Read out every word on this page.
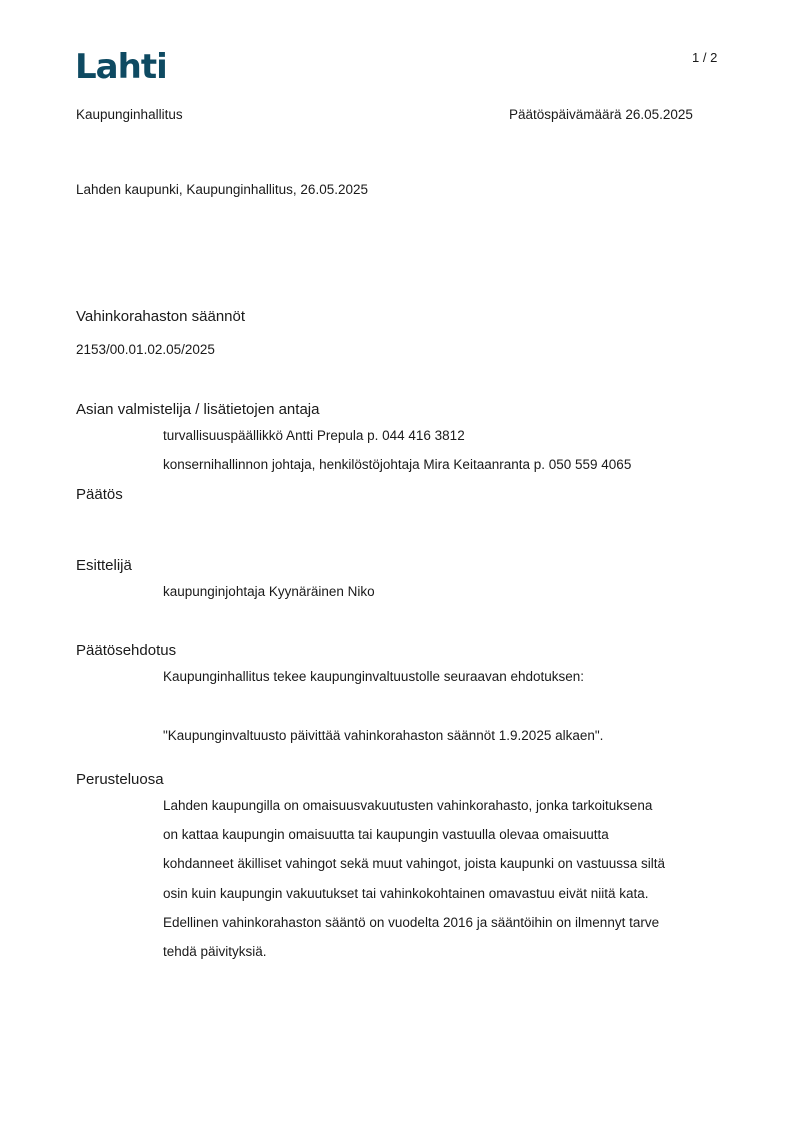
Lahti	1 / 2
Kaupunginhallitus	Päätöspäivämäärä 26.05.2025
Lahden kaupunki, Kaupunginhallitus, 26.05.2025
Vahinkorahaston säännöt
2153/00.01.02.05/2025
Asian valmistelija / lisätietojen antaja
turvallisuuspäällikkö Antti Prepula p. 044 416 3812
konsernihallinnon johtaja, henkilöstöjohtaja Mira Keitaanranta p. 050 559 4065
Päätös
Esittelijä
kaupunginjohtaja Kyynäräinen Niko
Päätösehdotus
Kaupunginhallitus tekee kaupunginvaltuustolle seuraavan ehdotuksen:
"Kaupunginvaltuusto päivittää vahinkorahaston säännöt 1.9.2025 alkaen".
Perusteluosa

Lahden kaupungilla on omaisuusvakuutusten vahinkorahasto, jonka tarkoituksena

on kattaa kaupungin omaisuutta tai kaupungin vastuulla olevaa omaisuutta

kohdanneet äkilliset vahingot sekä muut vahingot, joista kaupunki on vastuussa siltä

osin kuin kaupungin vakuutukset tai vahinkokohtainen omavastuu eivät niitä kata.

Edellinen vahinkorahaston sääntö on vuodelta 2016 ja sääntöihin on ilmennyt tarve

tehdä päivityksiä.
